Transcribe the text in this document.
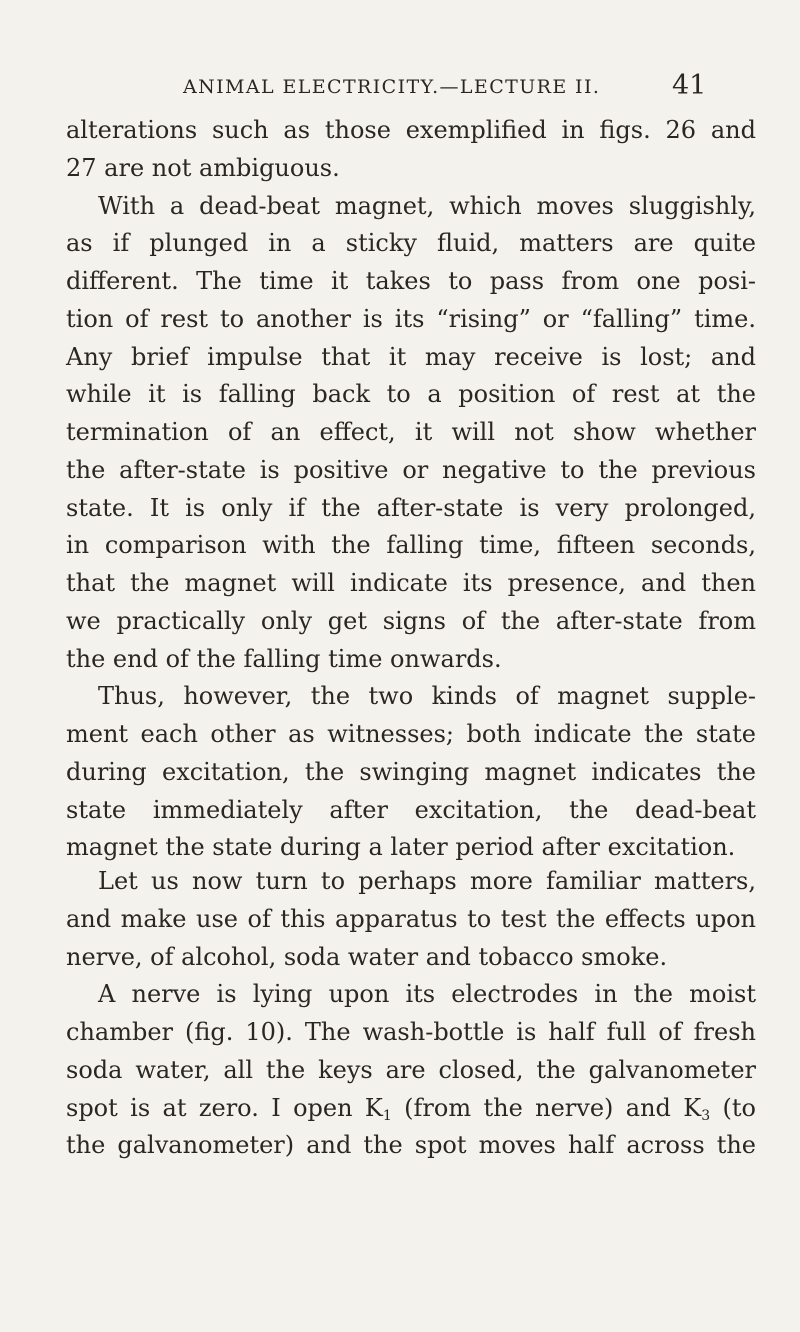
ANIMAL ELECTRICITY.—LECTURE II.	41
alterations such as those exemplified in figs. 26 and
27 are not ambiguous.
With a dead-beat magnet, which moves sluggishly,
as if plunged in a sticky fluid, matters are quite
different. The time it takes to pass from one posi-
tion of rest to another is its “rising” or “falling” time.
Any brief impulse that it may receive is lost; and
while it is falling back to a position of rest at the
termination of an effect, it will not show whether
the after-state is positive or negative to the previous
state. It is only if the after-state is very prolonged,
in comparison with the falling time, fifteen seconds,
that the magnet will indicate its presence, and then
we practically only get signs of the after-state from
the end of the falling time onwards.
Thus, however, the two kinds of magnet supple-
ment each other as witnesses; both indicate the state
during excitation, the swinging magnet indicates the
state immediately after excitation, the dead-beat
magnet the state during a later period after excitation.
Let us now turn to perhaps more familiar matters,
and make use of this apparatus to test the effects upon
nerve, of alcohol, soda water and tobacco smoke.
A nerve is lying upon its electrodes in the moist
chamber (fig. 10). The wash-bottle is half full of fresh
soda water, all the keys are closed, the galvanometer
spot is at zero. I open $K_1$ (from the nerve) and $K_3$ (to
the galvanometer) and the spot moves half across the
